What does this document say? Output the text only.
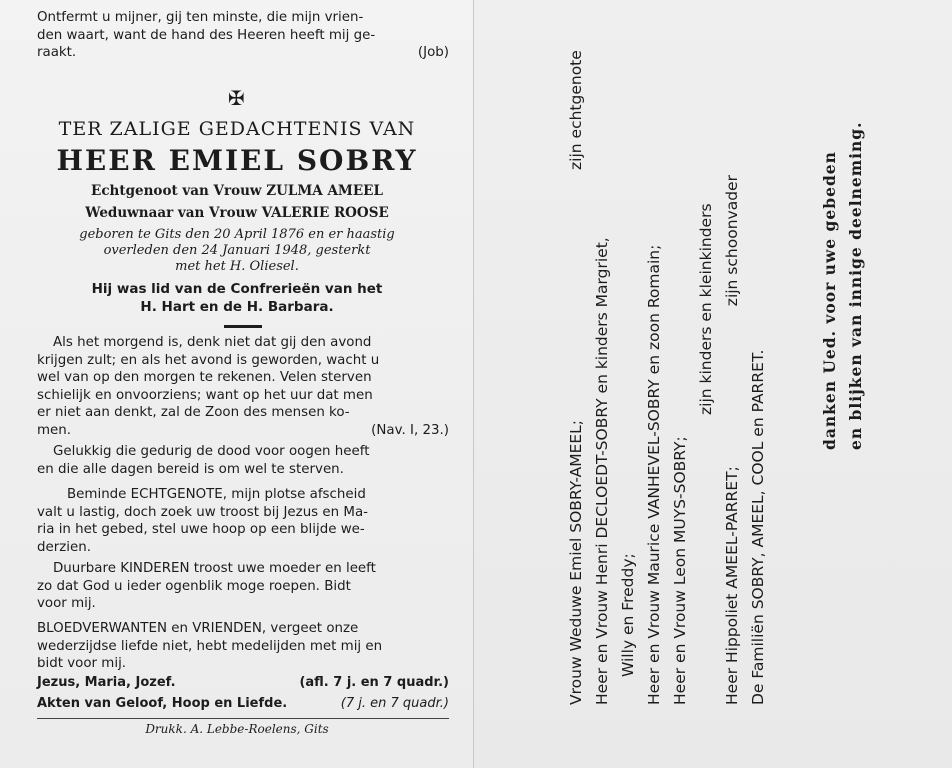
Ontfermt u mijner, gij ten minste, die mijn vrien-
den waart, want de hand des Heeren heeft mij ge-
raakt.	(Job)
✠
TER ZALIGE GEDACHTENIS VAN
HEER EMIEL SOBRY
Echtgenoot van Vrouw ZULMA AMEEL
Weduwnaar van Vrouw VALERIE ROOSE
geboren te Gits den 20 April 1876 en er haastig
overleden den 24 Januari 1948, gesterkt
met het H. Oliesel.
Hij was lid van de Confrerieën van het
H. Hart en de H. Barbara.
Als het morgend is, denk niet dat gij den avond
krijgen zult; en als het avond is geworden, wacht u
wel van op den morgen te rekenen. Velen sterven
schielijk en onvoorziens; want op het uur dat men
er niet aan denkt, zal de Zoon des mensen ko-
men.	(Nav. I, 23.)
Gelukkig die gedurig de dood voor oogen heeft
en die alle dagen bereid is om wel te sterven.
Beminde ECHTGENOTE, mijn plotse afscheid
valt u lastig, doch zoek uw troost bij Jezus en Ma-
ria in het gebed, stel uwe hoop op een blijde we-
derzien.
Duurbare KINDEREN troost uwe moeder en leeft
zo dat God u ieder ogenblik moge roepen. Bidt
voor mij.
BLOEDVERWANTEN en VRIENDEN, vergeet onze
wederzijdse liefde niet, hebt medelijden met mij en
bidt voor mij.
Jezus, Maria, Jozef.	(afl. 7 j. en 7 quadr.)
Akten van Geloof, Hoop en Liefde.	(7 j. en 7 quadr.)
Drukk. A. Lebbe-Roelens, Gits
Vrouw Weduwe Emiel SOBRY-AMEEL;zijn echtgenote
Heer en Vrouw Henri DECLOEDT-SOBRY en kinders Margriet, Willy en Freddy; Heer en Vrouw Maurice VANHEVEL-SOBRY en zoon Romain; Heer en Vrouw Leon MUYS-SOBRY;
zijn kinders en kleinkinders
Heer Hippoliet AMEEL-PARRET;zijn schoonvader
De Familiën SOBRY, AMEEL, COOL en PARRET.
danken Ued. voor uwe gebeden en blijken van innige deelneming.
